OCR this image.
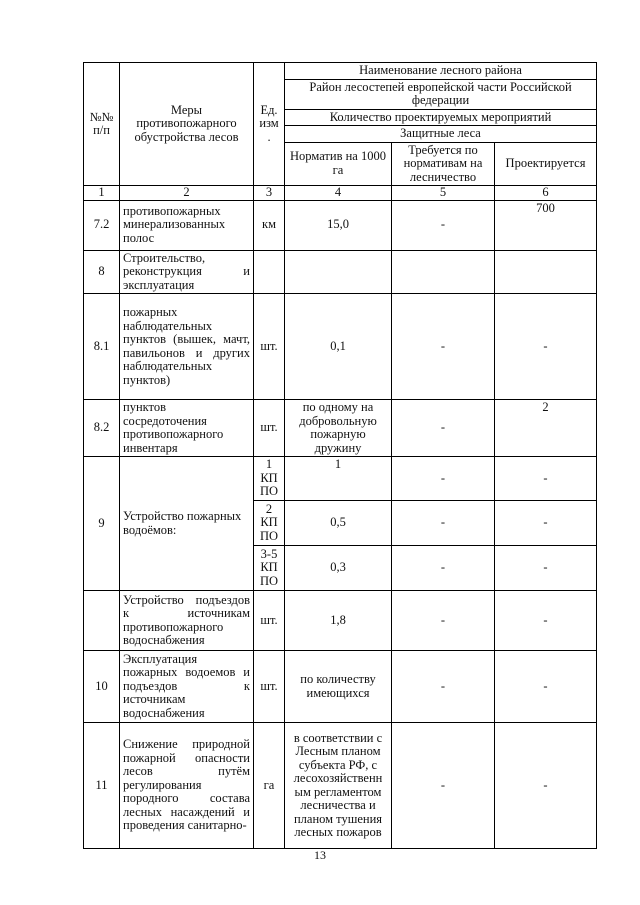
№№ п/п	Меры противопожарного обустройства лесов	Ед. изм .	Наименование лесного района		
			Район лесостепей европейской части Российской федерации		
			Количество проектируемых мероприятий		
			Защитные леса		
			Норматив на 1000 га	Требуется по нормативам на лесничество	Проектируется

1	2	3	4	5	6
7.2	противопожарных минерализованных полос	км	15,0	-	700
8	Строительство, реконструкция и эксплуатация				
8.1	пожарных наблюдательных пунктов (вышек, мачт, павильонов и других наблюдательных пунктов)	шт.	0,1	-	-
8.2	пунктов сосредоточения противопожарного инвентаря	шт.	по одному на добровольную пожарную дружину	-	2
9	Устройство пожарных водоёмов:	1 КП ПО	1	-	-
		2 КП ПО	0,5	-	-
		3-5 КП ПО	0,3	-	-
	Устройство подъездов к источникам противопожарного водоснабжения	шт.	1,8	-	-
10	Эксплуатация пожарных водоемов и подъездов к источникам водоснабжения	шт.	по количеству имеющихся	-	-
11	Снижение природной пожарной опасности лесов путём регулирования породного состава лесных насаждений и проведения санитарно-	га	в соответствии с Лесным планом субъекта РФ, с лесохозяйственн ым регламентом лесничества и планом тушения лесных пожаров	-	-
13
